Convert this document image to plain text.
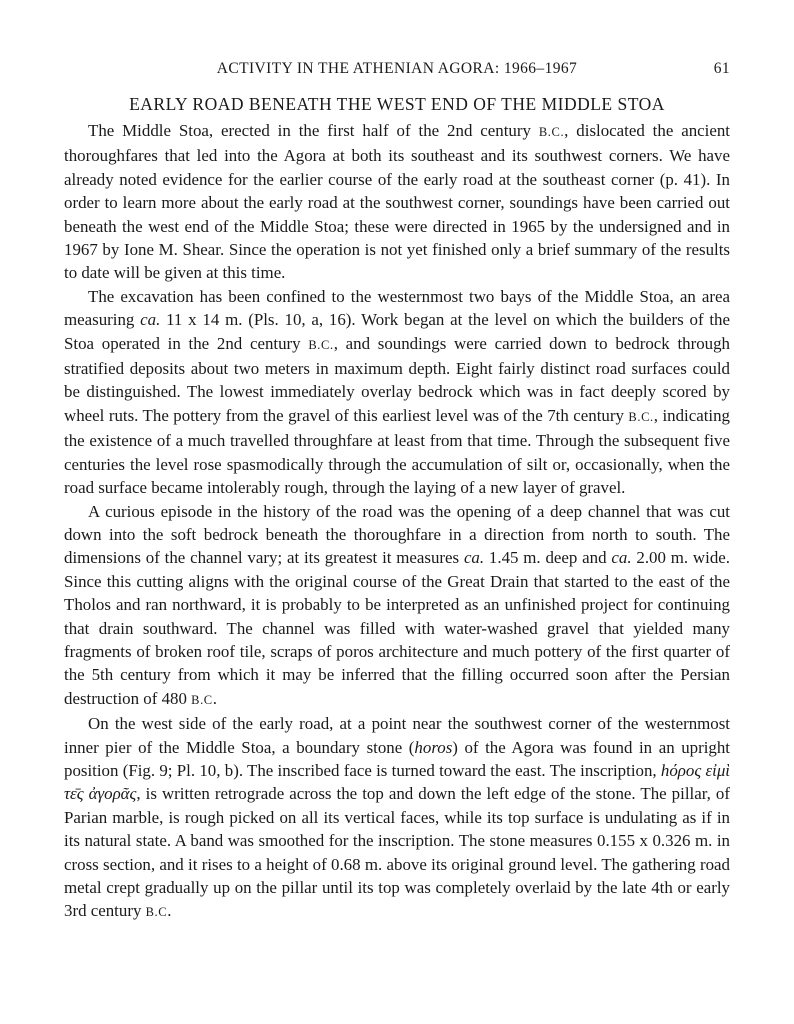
ACTIVITY IN THE ATHENIAN AGORA: 1966–1967	61
EARLY ROAD BENEATH THE WEST END OF THE MIDDLE STOA

The Middle Stoa, erected in the first half of the 2nd century B.C., dislocated the ancient thoroughfares that led into the Agora at both its southeast and its southwest corners. We have already noted evidence for the earlier course of the early road at the southeast corner (p. 41). In order to learn more about the early road at the southwest corner, soundings have been carried out beneath the west end of the Middle Stoa; these were directed in 1965 by the undersigned and in 1967 by Ione M. Shear. Since the operation is not yet finished only a brief summary of the results to date will be given at this time.

The excavation has been confined to the westernmost two bays of the Middle Stoa, an area measuring ca. 11 x 14 m. (Pls. 10, a, 16). Work began at the level on which the builders of the Stoa operated in the 2nd century B.C., and soundings were carried down to bedrock through stratified deposits about two meters in maximum depth. Eight fairly distinct road surfaces could be distinguished. The lowest immediately overlay bedrock which was in fact deeply scored by wheel ruts. The pottery from the gravel of this earliest level was of the 7th century B.C., indicating the existence of a much travelled throughfare at least from that time. Through the subsequent five centuries the level rose spasmodically through the accumulation of silt or, occasionally, when the road surface became intolerably rough, through the laying of a new layer of gravel.

A curious episode in the history of the road was the opening of a deep channel that was cut down into the soft bedrock beneath the thoroughfare in a direction from north to south. The dimensions of the channel vary; at its greatest it measures ca. 1.45 m. deep and ca. 2.00 m. wide. Since this cutting aligns with the original course of the Great Drain that started to the east of the Tholos and ran northward, it is probably to be interpreted as an unfinished project for continuing that drain southward. The channel was filled with water-washed gravel that yielded many fragments of broken roof tile, scraps of poros architecture and much pottery of the first quarter of the 5th century from which it may be inferred that the filling occurred soon after the Persian destruction of 480 B.C.

On the west side of the early road, at a point near the southwest corner of the westernmost inner pier of the Middle Stoa, a boundary stone (horos) of the Agora was found in an upright position (Fig. 9; Pl. 10, b). The inscribed face is turned toward the east. The inscription, hόρος εἰμὶ τε̄ς ἀγορᾶς, is written retrograde across the top and down the left edge of the stone. The pillar, of Parian marble, is rough picked on all its vertical faces, while its top surface is undulating as if in its natural state. A band was smoothed for the inscription. The stone measures 0.155 x 0.326 m. in cross section, and it rises to a height of 0.68 m. above its original ground level. The gathering road metal crept gradually up on the pillar until its top was completely overlaid by the late 4th or early 3rd century B.C.
